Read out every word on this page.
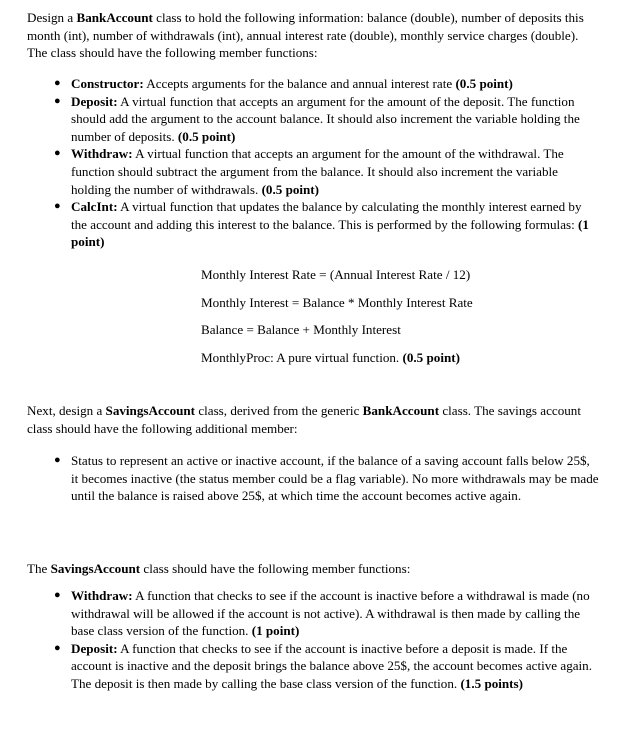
Design a BankAccount class to hold the following information: balance (double), number of deposits this month (int), number of withdrawals (int), annual interest rate (double), monthly service charges (double). The class should have the following member functions:

● Constructor: Accepts arguments for the balance and annual interest rate (0.5 point)
● Deposit: A virtual function that accepts an argument for the amount of the deposit. The function should add the argument to the account balance. It should also increment the variable holding the number of deposits. (0.5 point)
● Withdraw: A virtual function that accepts an argument for the amount of the withdrawal. The function should subtract the argument from the balance. It should also increment the variable holding the number of withdrawals. (0.5 point)
● CalcInt: A virtual function that updates the balance by calculating the monthly interest earned by the account and adding this interest to the balance. This is performed by the following formulas: (1 point)

Monthly Interest Rate = (Annual Interest Rate / 12)

Monthly Interest = Balance * Monthly Interest Rate

Balance = Balance + Monthly Interest

MonthlyProc: A pure virtual function. (0.5 point)

Next, design a SavingsAccount class, derived from the generic BankAccount class. The savings account class should have the following additional member:

● Status to represent an active or inactive account, if the balance of a saving account falls below 25$, it becomes inactive (the status member could be a flag variable). No more withdrawals may be made until the balance is raised above 25$, at which time the account becomes active again.

The SavingsAccount class should have the following member functions:

● Withdraw: A function that checks to see if the account is inactive before a withdrawal is made (no withdrawal will be allowed if the account is not active). A withdrawal is then made by calling the base class version of the function. (1 point)
● Deposit: A function that checks to see if the account is inactive before a deposit is made. If the account is inactive and the deposit brings the balance above 25$, the account becomes active again. The deposit is then made by calling the base class version of the function. (1.5 points)
